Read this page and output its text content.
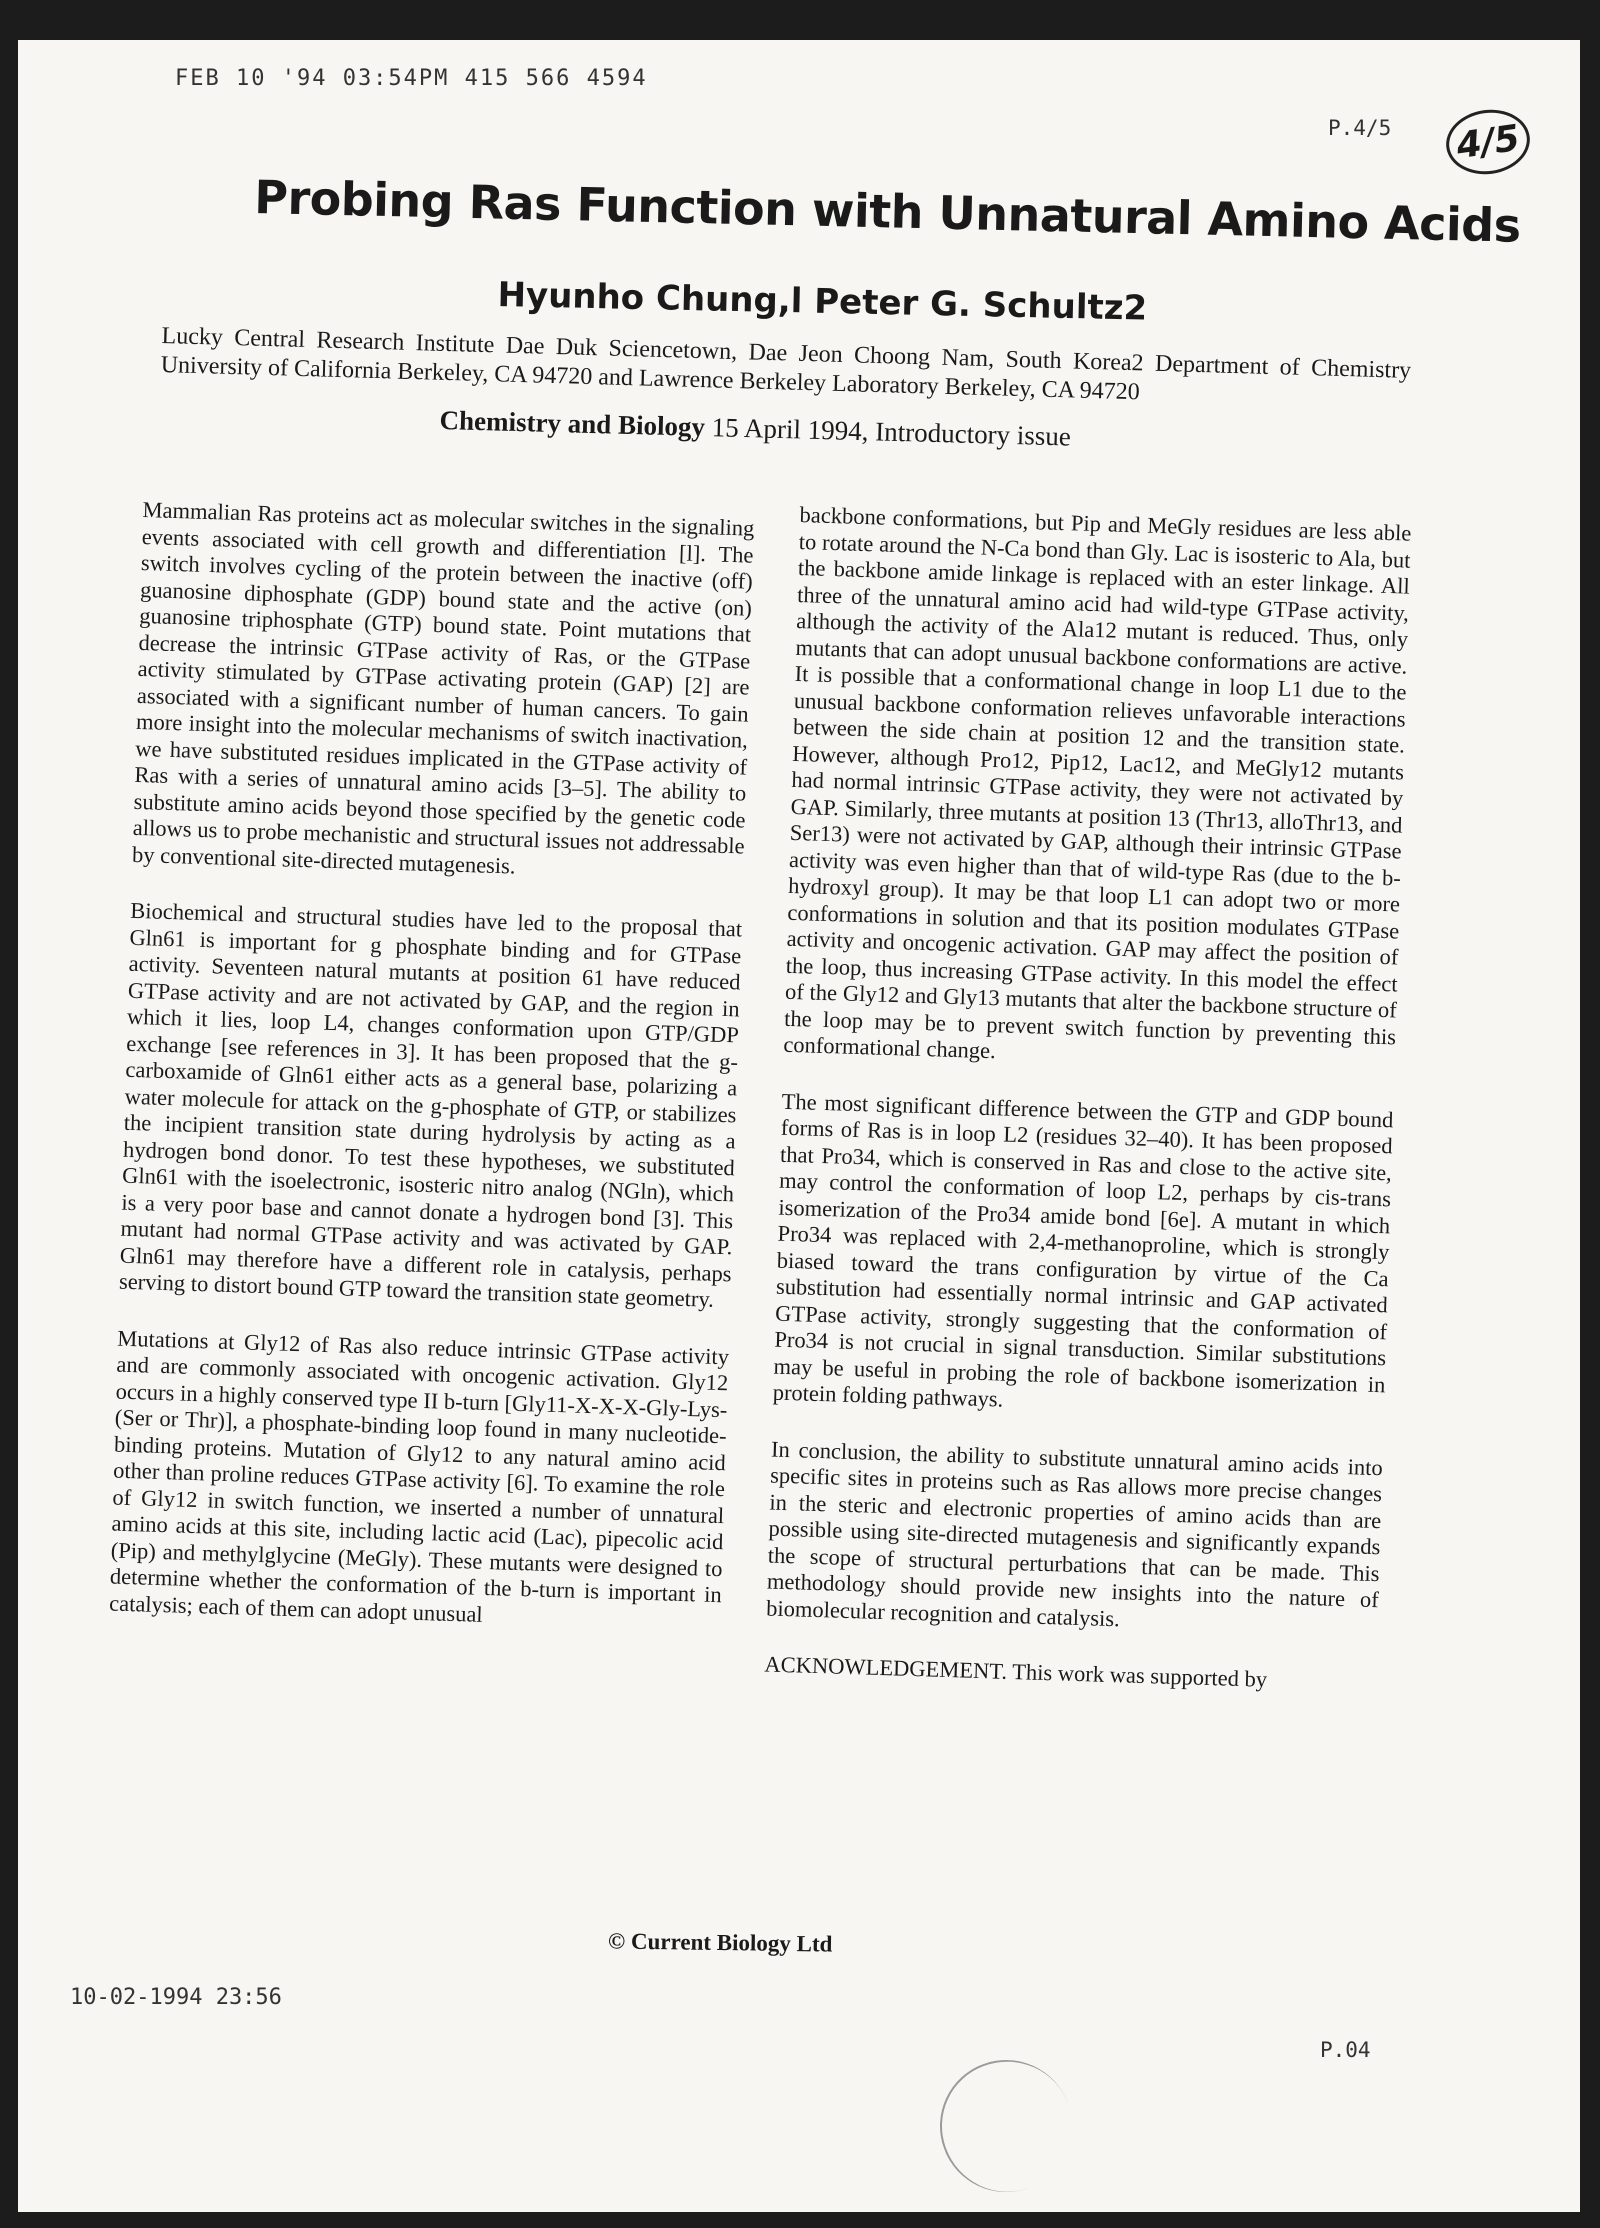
FEB 10 '94 03:54PM 415 566 4594
P.4/5	4/5
Probing Ras Function with Unnatural Amino Acids
Hyunho Chung,l Peter G. Schultz2
Lucky Central Research Institute Dae Duk Sciencetown, Dae Jeon Choong Nam, South Korea2 Department of Chemistry University of California Berkeley, CA 94720 and Lawrence Berkeley Laboratory Berkeley, CA 94720
Chemistry and Biology 15 April 1994, Introductory issue

Mammalian Ras proteins act as molecular switches in the signaling events associated with cell growth and differentiation [l]. The switch involves cycling of the protein between the inactive (off) guanosine diphosphate (GDP) bound state and the active (on) guanosine triphosphate (GTP) bound state. Point mutations that decrease the intrinsic GTPase activity of Ras, or the GTPase activity stimulated by GTPase activating protein (GAP) [2] are associated with a significant number of human cancers. To gain more insight into the molecular mechanisms of switch inactivation, we have substituted residues implicated in the GTPase activity of Ras with a series of unnatural amino acids [3–5]. The ability to substitute amino acids beyond those specified by the genetic code allows us to probe mechanistic and structural issues not addressable by conventional site-directed mutagenesis.

Biochemical and structural studies have led to the proposal that Gln61 is important for g phosphate binding and for GTPase activity. Seventeen natural mutants at position 61 have reduced GTPase activity and are not activated by GAP, and the region in which it lies, loop L4, changes conformation upon GTP/GDP exchange [see references in 3]. It has been proposed that the g-carboxamide of Gln61 either acts as a general base, polarizing a water molecule for attack on the g-phosphate of GTP, or stabilizes the incipient transition state during hydrolysis by acting as a hydrogen bond donor. To test these hypotheses, we substituted Gln61 with the isoelectronic, isosteric nitro analog (NGln), which is a very poor base and cannot donate a hydrogen bond [3]. This mutant had normal GTPase activity and was activated by GAP. Gln61 may therefore have a different role in catalysis, perhaps serving to distort bound GTP toward the transition state geometry.

Mutations at Gly12 of Ras also reduce intrinsic GTPase activity and are commonly associated with oncogenic activation. Gly12 occurs in a highly conserved type II b-turn [Gly11-X-X-X-Gly-Lys-(Ser or Thr)], a phosphate-binding loop found in many nucleotide-binding proteins. Mutation of Gly12 to any natural amino acid other than proline reduces GTPase activity [6]. To examine the role of Gly12 in switch function, we inserted a number of unnatural amino acids at this site, including lactic acid (Lac), pipecolic acid (Pip) and methylglycine (MeGly). These mutants were designed to determine whether the conformation of the b-turn is important in catalysis; each of them can adopt unusual

backbone conformations, but Pip and MeGly residues are less able to rotate around the N-Ca bond than Gly. Lac is isosteric to Ala, but the backbone amide linkage is replaced with an ester linkage. All three of the unnatural amino acid had wild-type GTPase activity, although the activity of the Ala12 mutant is reduced. Thus, only mutants that can adopt unusual backbone conformations are active. It is possible that a conformational change in loop L1 due to the unusual backbone conformation relieves unfavorable interactions between the side chain at position 12 and the transition state. However, although Pro12, Pip12, Lac12, and MeGly12 mutants had normal intrinsic GTPase activity, they were not activated by GAP. Similarly, three mutants at position 13 (Thr13, alloThr13, and Ser13) were not activated by GAP, although their intrinsic GTPase activity was even higher than that of wild-type Ras (due to the b-hydroxyl group). It may be that loop L1 can adopt two or more conformations in solution and that its position modulates GTPase activity and oncogenic activation. GAP may affect the position of the loop, thus increasing GTPase activity. In this model the effect of the Gly12 and Gly13 mutants that alter the backbone structure of the loop may be to prevent switch function by preventing this conformational change.

The most significant difference between the GTP and GDP bound forms of Ras is in loop L2 (residues 32–40). It has been proposed that Pro34, which is conserved in Ras and close to the active site, may control the conformation of loop L2, perhaps by cis-trans isomerization of the Pro34 amide bond [6e]. A mutant in which Pro34 was replaced with 2,4-methanoproline, which is strongly biased toward the trans configuration by virtue of the Ca substitution had essentially normal intrinsic and GAP activated GTPase activity, strongly suggesting that the conformation of Pro34 is not crucial in signal transduction. Similar substitutions may be useful in probing the role of backbone isomerization in protein folding pathways.

In conclusion, the ability to substitute unnatural amino acids into specific sites in proteins such as Ras allows more precise changes in the steric and electronic properties of amino acids than are possible using site-directed mutagenesis and significantly expands the scope of structural perturbations that can be made. This methodology should provide new insights into the nature of biomolecular recognition and catalysis.

ACKNOWLEDGEMENT. This work was supported by

© Current Biology Ltd
10-02-1994 23:56
P.04
